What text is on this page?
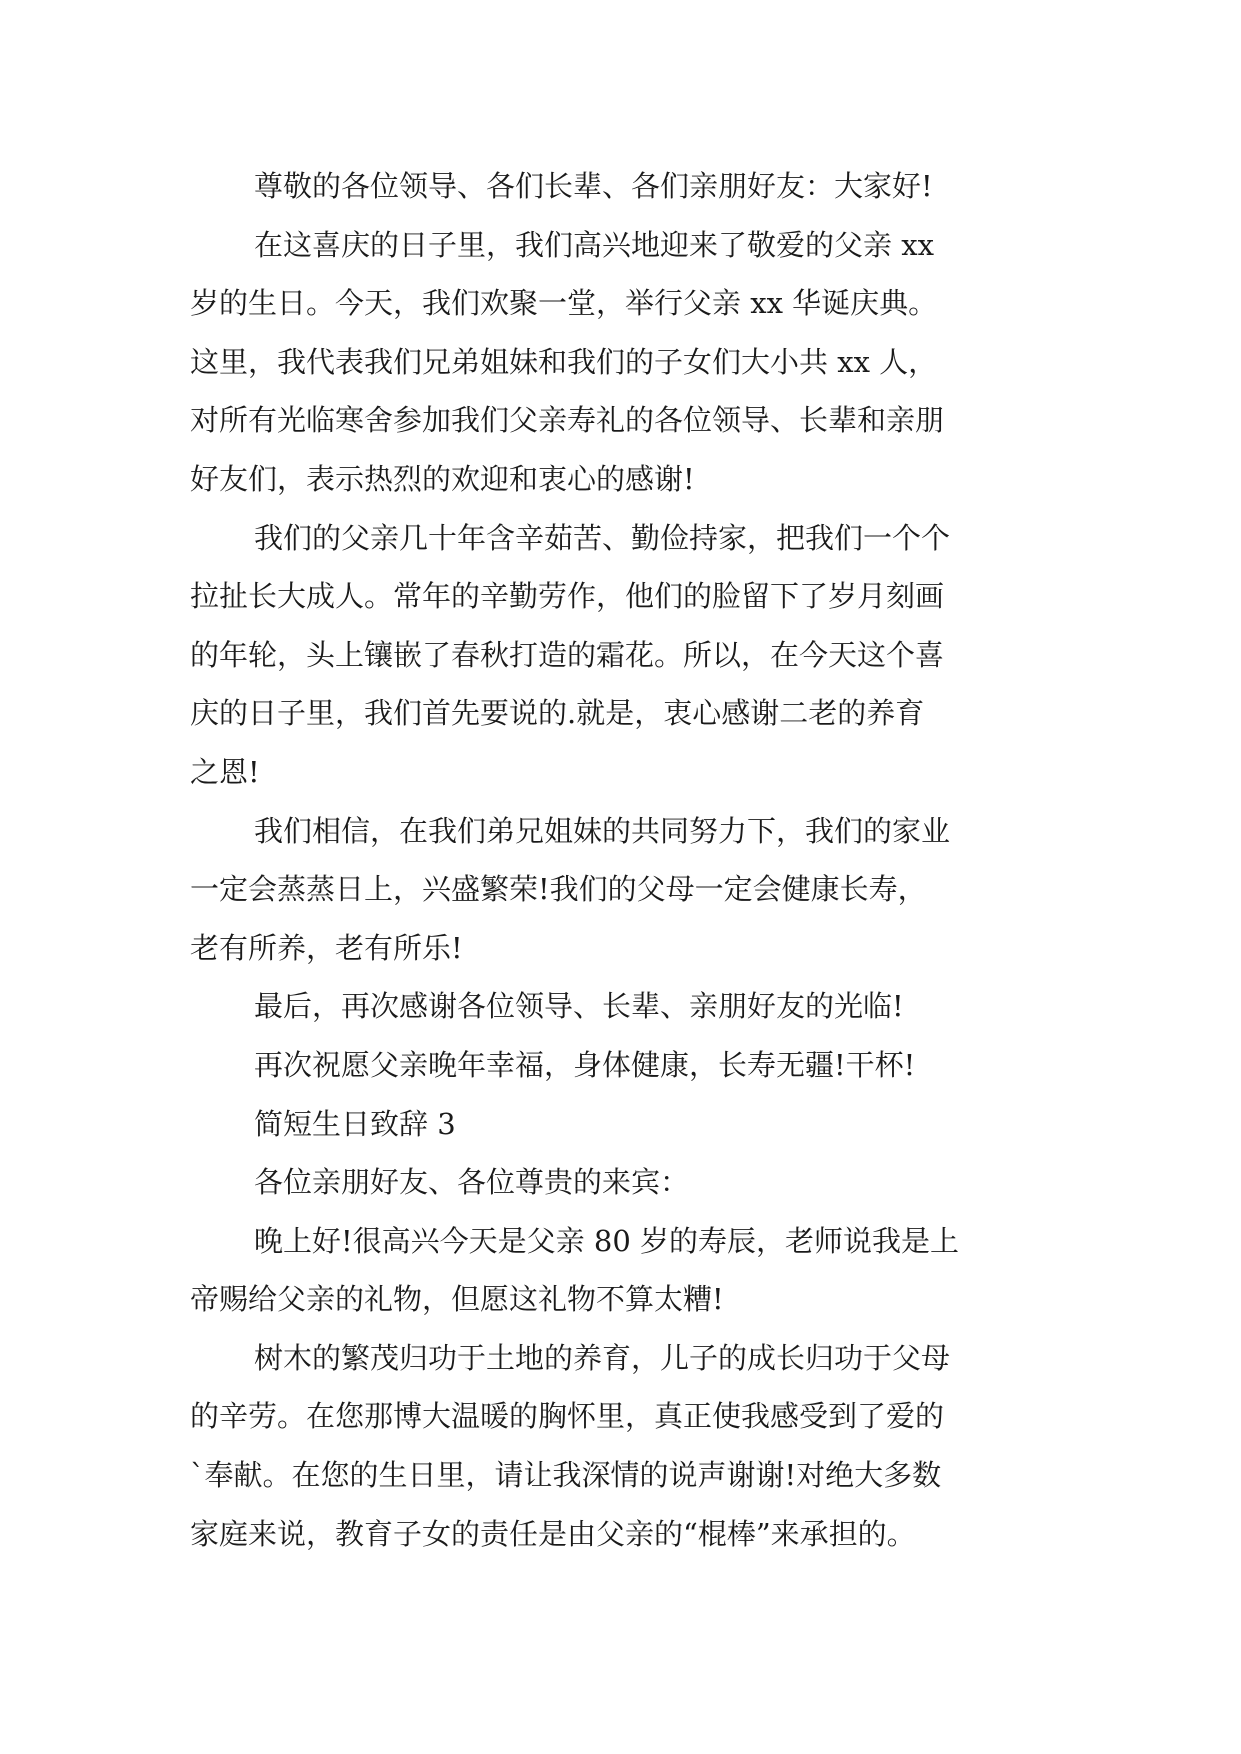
尊敬的各位领导、各们长辈、各们亲朋好友：大家好!
在这喜庆的日子里，我们高兴地迎来了敬爱的父亲 xx
岁的生日。今天，我们欢聚一堂，举行父亲 xx 华诞庆典。
这里，我代表我们兄弟姐妹和我们的子女们大小共 xx 人，
对所有光临寒舍参加我们父亲寿礼的各位领导、长辈和亲朋
好友们，表示热烈的欢迎和衷心的感谢!
我们的父亲几十年含辛茹苦、勤俭持家，把我们一个个
拉扯长大成人。常年的辛勤劳作，他们的脸留下了岁月刻画
的年轮，头上镶嵌了春秋打造的霜花。所以，在今天这个喜
庆的日子里，我们首先要说的.就是，衷心感谢二老的养育
之恩!
我们相信，在我们弟兄姐妹的共同努力下，我们的家业
一定会蒸蒸日上，兴盛繁荣!我们的父母一定会健康长寿，
老有所养，老有所乐!
最后，再次感谢各位领导、长辈、亲朋好友的光临!
再次祝愿父亲晚年幸福，身体健康，长寿无疆!干杯!
简短生日致辞 3
各位亲朋好友、各位尊贵的来宾：
晚上好!很高兴今天是父亲 80 岁的寿辰，老师说我是上
帝赐给父亲的礼物，但愿这礼物不算太糟!
树木的繁茂归功于土地的养育，儿子的成长归功于父母
的辛劳。在您那博大温暖的胸怀里，真正使我感受到了爱的
`奉献。在您的生日里，请让我深情的说声谢谢!对绝大多数
家庭来说，教育子女的责任是由父亲的“棍棒”来承担的。
